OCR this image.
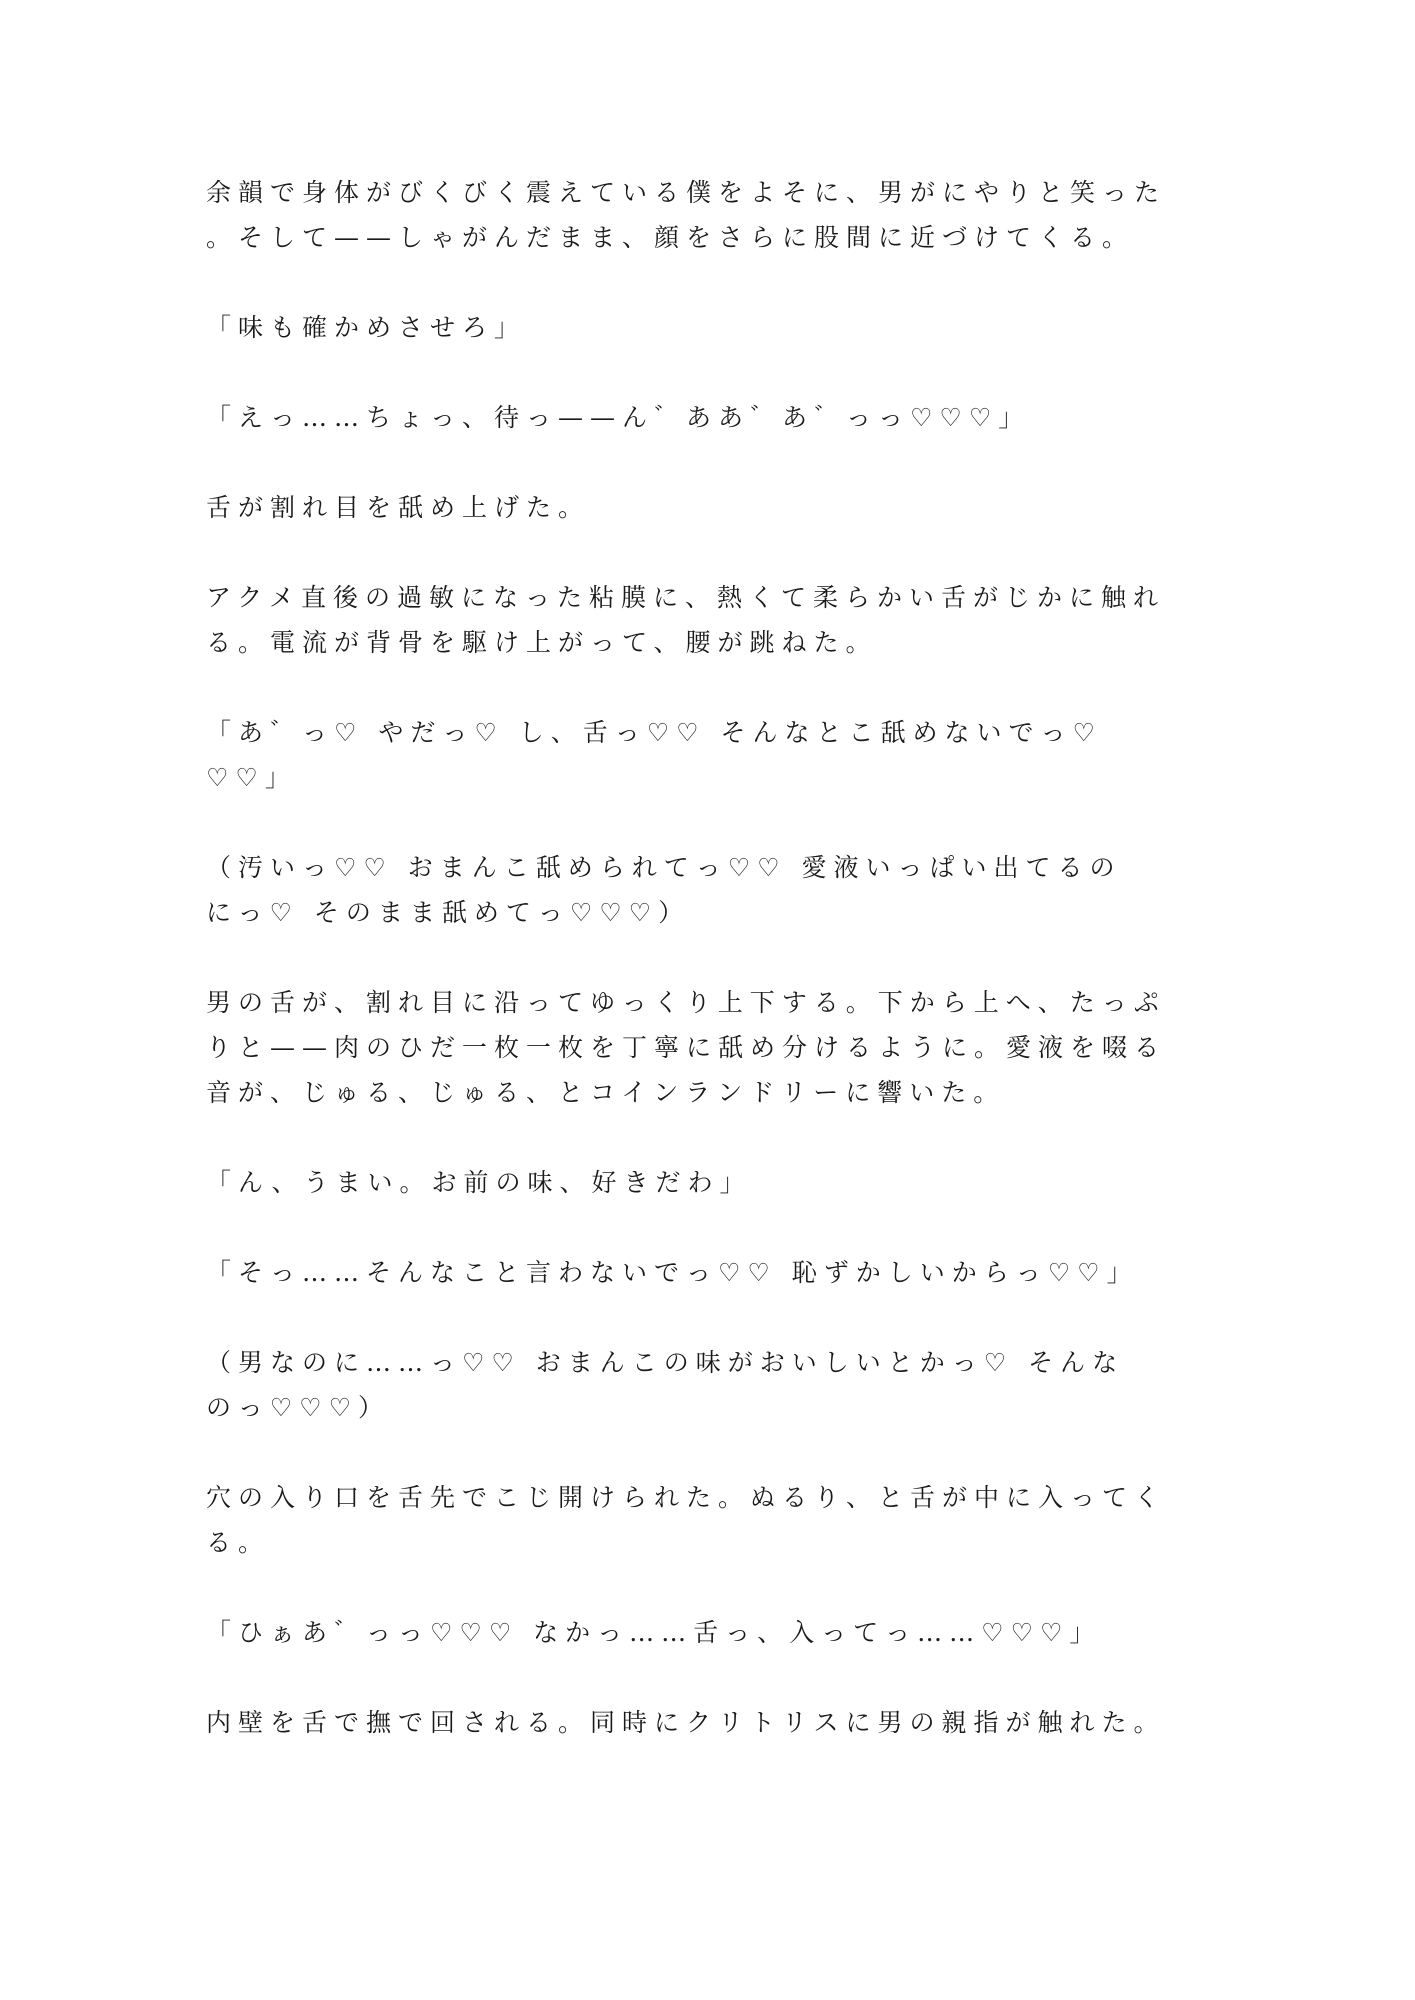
余韻で身体がびくびく震えている僕をよそに、男がにやりと笑った
。そして——しゃがんだまま、顔をさらに股間に近づけてくる。
「味も確かめさせろ」
「えっ……ちょっ、待っ——ん゛ああ゛あ゛っっ♡♡♡」
舌が割れ目を舐め上げた。
アクメ直後の過敏になった粘膜に、熱くて柔らかい舌がじかに触れ
る。電流が背骨を駆け上がって、腰が跳ねた。
「あ゛っ♡ やだっ♡ し、舌っ♡♡ そんなとこ舐めないでっ♡
♡♡」
（汚いっ♡♡ おまんこ舐められてっ♡♡ 愛液いっぱい出てるの
にっ♡ そのまま舐めてっ♡♡♡）
男の舌が、割れ目に沿ってゆっくり上下する。下から上へ、たっぷ
りと——肉のひだ一枚一枚を丁寧に舐め分けるように。愛液を啜る
音が、じゅる、じゅる、とコインランドリーに響いた。
「ん、うまい。お前の味、好きだわ」
「そっ……そんなこと言わないでっ♡♡ 恥ずかしいからっ♡♡」
（男なのに……っ♡♡ おまんこの味がおいしいとかっ♡ そんな
のっ♡♡♡）
穴の入り口を舌先でこじ開けられた。ぬるり、と舌が中に入ってく
る。
「ひぁあ゛っっ♡♡♡ なかっ……舌っ、入ってっ……♡♡♡」
内壁を舌で撫で回される。同時にクリトリスに男の親指が触れた。
